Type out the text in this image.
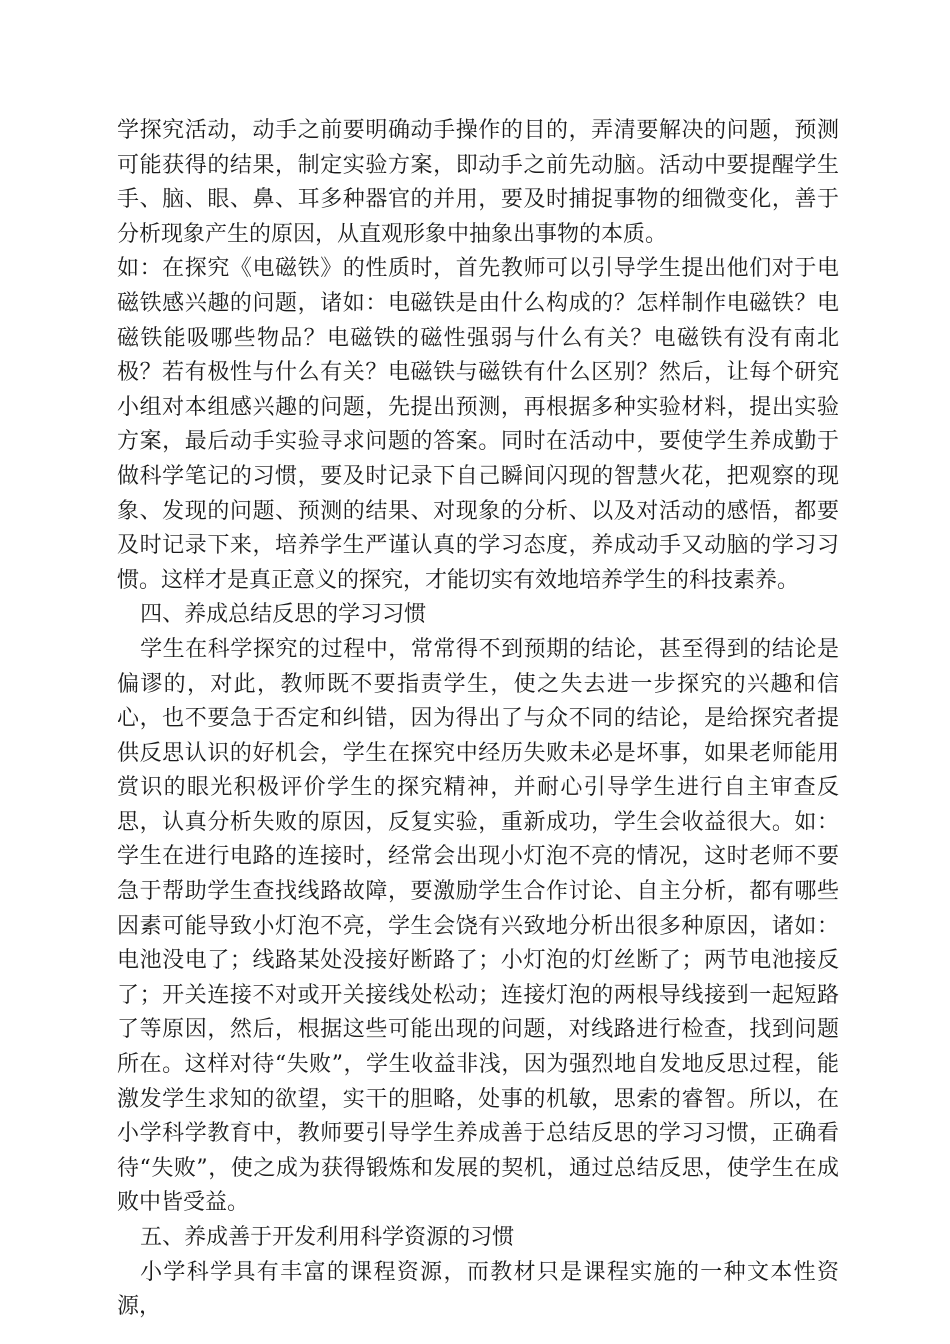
学探究活动，动手之前要明确动手操作的目的，弄清要解决的问题，预测可能获得的结果，制定实验方案，即动手之前先动脑。活动中要提醒学生手、脑、眼、鼻、耳多种器官的并用，要及时捕捉事物的细微变化，善于分析现象产生的原因，从直观形象中抽象出事物的本质。

如：在探究《电磁铁》的性质时，首先教师可以引导学生提出他们对于电磁铁感兴趣的问题，诸如：电磁铁是由什么构成的？怎样制作电磁铁？电磁铁能吸哪些物品？电磁铁的磁性强弱与什么有关？电磁铁有没有南北极？若有极性与什么有关？电磁铁与磁铁有什么区别？然后，让每个研究小组对本组感兴趣的问题，先提出预测，再根据多种实验材料，提出实验方案，最后动手实验寻求问题的答案。同时在活动中，要使学生养成勤于做科学笔记的习惯，要及时记录下自己瞬间闪现的智慧火花，把观察的现象、发现的问题、预测的结果、对现象的分析、以及对活动的感悟，都要及时记录下来，培养学生严谨认真的学习态度，养成动手又动脑的学习习惯。这样才是真正意义的探究，才能切实有效地培养学生的科技素养。

四、养成总结反思的学习习惯

学生在科学探究的过程中，常常得不到预期的结论，甚至得到的结论是偏谬的，对此，教师既不要指责学生，使之失去进一步探究的兴趣和信心，也不要急于否定和纠错，因为得出了与众不同的结论，是给探究者提供反思认识的好机会，学生在探究中经历失败未必是坏事，如果老师能用赏识的眼光积极评价学生的探究精神，并耐心引导学生进行自主审查反思，认真分析失败的原因，反复实验，重新成功，学生会收益很大。如：学生在进行电路的连接时，经常会出现小灯泡不亮的情况，这时老师不要急于帮助学生查找线路故障，要激励学生合作讨论、自主分析，都有哪些因素可能导致小灯泡不亮，学生会饶有兴致地分析出很多种原因，诸如：电池没电了；线路某处没接好断路了；小灯泡的灯丝断了；两节电池接反了；开关连接不对或开关接线处松动；连接灯泡的两根导线接到一起短路了等原因，然后，根据这些可能出现的问题，对线路进行检查，找到问题所在。这样对待“失败”，学生收益非浅，因为强烈地自发地反思过程，能激发学生求知的欲望，实干的胆略，处事的机敏，思索的睿智。所以，在小学科学教育中，教师要引导学生养成善于总结反思的学习习惯，正确看待“失败”，使之成为获得锻炼和发展的契机，通过总结反思，使学生在成败中皆受益。

五、养成善于开发利用科学资源的习惯

小学科学具有丰富的课程资源，而教材只是课程实施的一种文本性资源，
